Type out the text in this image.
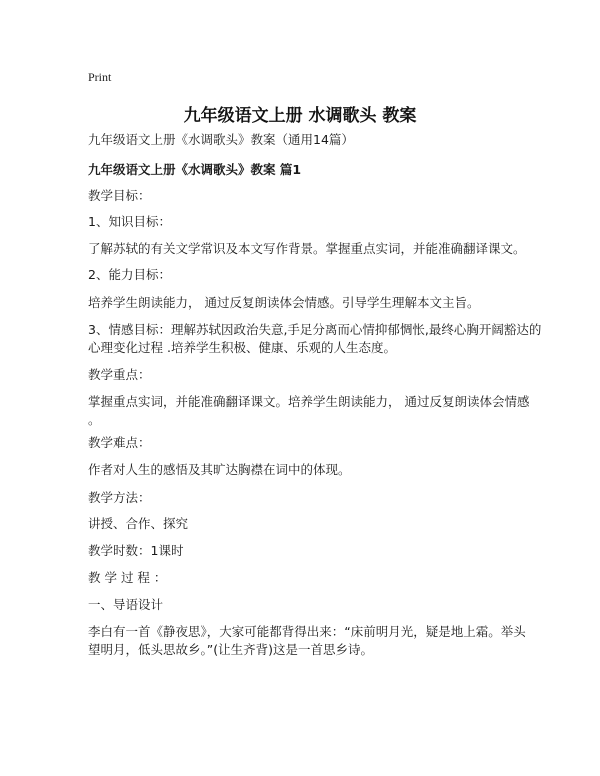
Print
九年级语文上册 水调歌头 教案
九年级语文上册《水调歌头》教案（通用14篇）
九年级语文上册《水调歌头》教案 篇1
教学目标：
1、知识目标：
了解苏轼的有关文学常识及本文写作背景。掌握重点实词，并能准确翻译课文。
2、能力目标：
培养学生朗读能力， 通过反复朗读体会情感。引导学生理解本文主旨。
3、情感目标：理解苏轼因政治失意,手足分离而心情抑郁惆怅,最终心胸开阔豁达的
心理变化过程 .培养学生积极、健康、乐观的人生态度。
教学重点：
掌握重点实词，并能准确翻译课文。培养学生朗读能力， 通过反复朗读体会情感
。
教学难点：
作者对人生的感悟及其旷达胸襟在词中的体现。
教学方法：
讲授、合作、探究
教学时数：1课时
教 学 过 程 ：
一、导语设计
李白有一首《静夜思》，大家可能都背得出来：“床前明月光，疑是地上霜。举头
望明月，低头思故乡。”(让生齐背)这是一首思乡诗。
